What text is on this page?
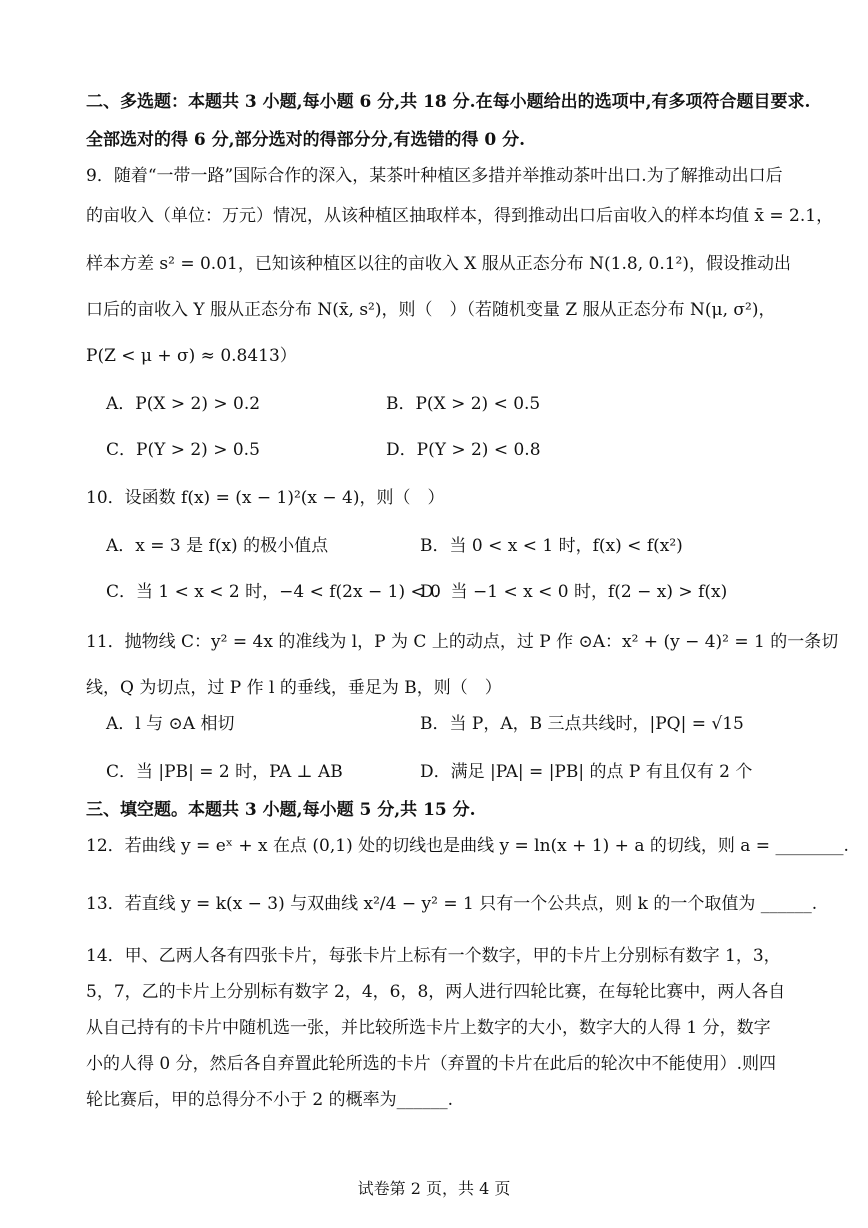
二、多选题：本题共 3 小题,每小题 6 分,共 18 分.在每小题给出的选项中,有多项符合题目要求.
全部选对的得 6 分,部分选对的得部分分,有选错的得 0 分.
9．随着“一带一路”国际合作的深入，某茶叶种植区多措并举推动茶叶出口.为了解推动出口后
的亩收入（单位：万元）情况，从该种植区抽取样本，得到推动出口后亩收入的样本均值 x̄ = 2.1，
样本方差 s² = 0.01，已知该种植区以往的亩收入 X 服从正态分布 N(1.8, 0.1²)，假设推动出
口后的亩收入 Y 服从正态分布 N(x̄, s²)，则（　）（若随机变量 Z 服从正态分布 N(μ, σ²)，
P(Z < μ + σ) ≈ 0.8413）
A．P(X > 2) > 0.2	B．P(X > 2) < 0.5
C．P(Y > 2) > 0.5	D．P(Y > 2) < 0.8
10．设函数 f(x) = (x − 1)²(x − 4)，则（　）
A．x = 3 是 f(x) 的极小值点	B．当 0 < x < 1 时，f(x) < f(x²)
C．当 1 < x < 2 时，−4 < f(2x − 1) < 0
D．当 −1 < x < 0 时，f(2 − x) > f(x)
11．抛物线 C：y² = 4x 的准线为 l，P 为 C 上的动点，过 P 作 ⊙A：x² + (y − 4)² = 1 的一条切
线，Q 为切点，过 P 作 l 的垂线，垂足为 B，则（　）
A．l 与 ⊙A 相切	B．当 P，A，B 三点共线时，|PQ| = √15
C．当 |PB| = 2 时，PA ⊥ AB	D．满足 |PA| = |PB| 的点 P 有且仅有 2 个
三、填空题。本题共 3 小题,每小题 5 分,共 15 分.
12．若曲线 y = eˣ + x 在点 (0,1) 处的切线也是曲线 y = ln(x + 1) + a 的切线，则 a = ________.
13．若直线 y = k(x − 3) 与双曲线 x²/4 − y² = 1 只有一个公共点，则 k 的一个取值为 ______.
14．甲、乙两人各有四张卡片，每张卡片上标有一个数字，甲的卡片上分别标有数字 1，3，
5，7，乙的卡片上分别标有数字 2，4，6，8，两人进行四轮比赛，在每轮比赛中，两人各自
从自己持有的卡片中随机选一张，并比较所选卡片上数字的大小，数字大的人得 1 分，数字
小的人得 0 分，然后各自弃置此轮所选的卡片（弃置的卡片在此后的轮次中不能使用）.则四
轮比赛后，甲的总得分不小于 2 的概率为______.
试卷第 2 页，共 4 页
